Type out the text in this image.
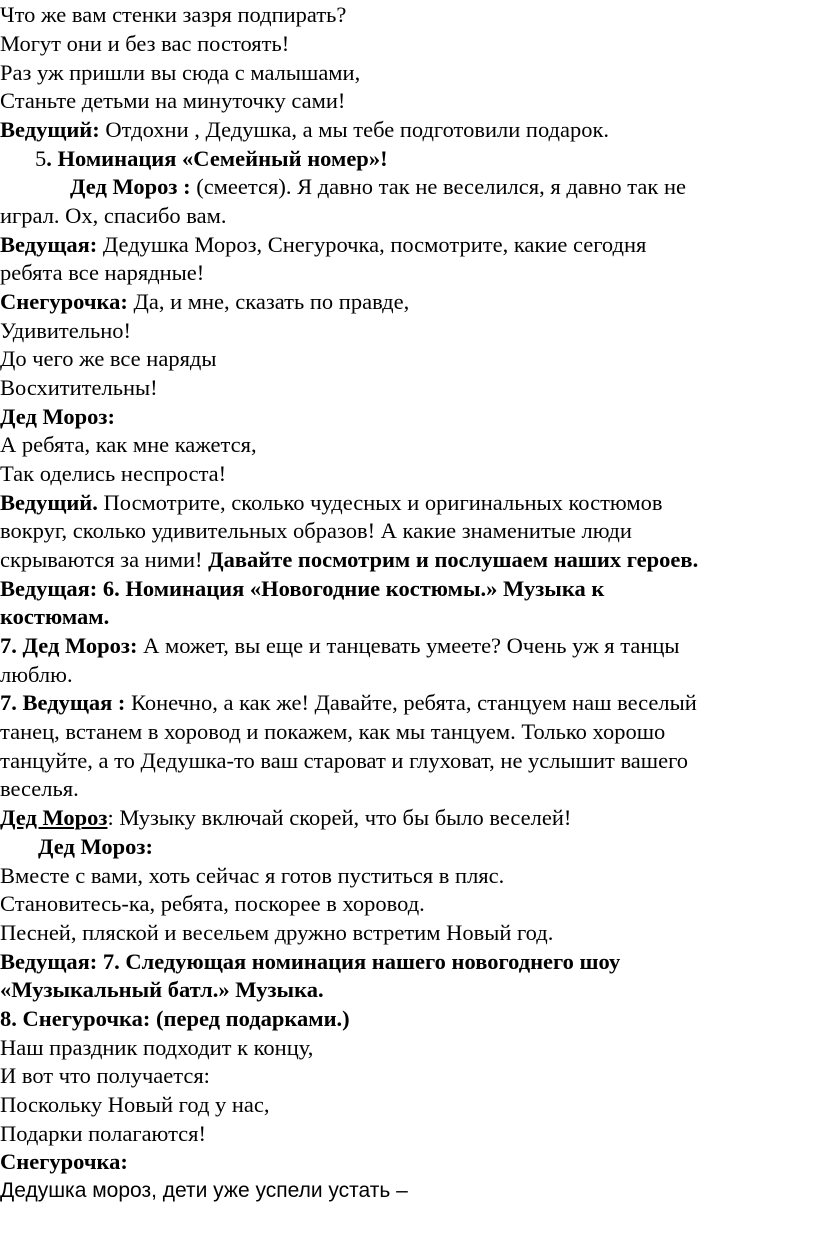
Что же вам стенки зазря подпирать?
Могут они и без вас постоять!
Раз уж пришли вы сюда с малышами,
Станьте детьми на минуточку сами!
Ведущий: Отдохни , Дедушка, а мы тебе подготовили подарок.
5. Номинация «Семейный номер»!
Дед Мороз : (смеется). Я давно так не веселился, я давно так не
играл. Ох, спасибо вам.
Ведущая: Дедушка Мороз, Снегурочка, посмотрите, какие сегодня
ребята все нарядные!
Снегурочка: Да, и мне, сказать по правде,
Удивительно!
До чего же все наряды
Восхитительны!
Дед Мороз:
А ребята, как мне кажется,
Так оделись неспроста!
Ведущий. Посмотрите, сколько чудесных и оригинальных костюмов
вокруг, сколько удивительных образов! А какие знаменитые люди
скрываются за ними! Давайте посмотрим и послушаем наших героев.
Ведущая: 6. Номинация «Новогодние костюмы.» Музыка к
костюмам.
7. Дед Мороз: А может, вы еще и танцевать умеете? Очень уж я танцы
люблю.
7. Ведущая : Конечно, а как же! Давайте, ребята, станцуем наш веселый
танец, встанем в хоровод и покажем, как мы танцуем. Только хорошо
танцуйте, а то Дедушка-то ваш староват и глуховат, не услышит вашего
веселья.
Дед Мороз: Музыку включай скорей, что бы было веселей!
Дед Мороз:
Вместе с вами, хоть сейчас я готов пуститься в пляс.
Становитесь-ка, ребята, поскорее в хоровод.
Песней, пляской и весельем дружно встретим Новый год.
Ведущая: 7. Следующая номинация нашего новогоднего шоу
«Музыкальный батл.» Музыка.
8. Снегурочка: (перед подарками.)
Наш праздник подходит к концу,
И вот что получается:
Поскольку Новый год у нас,
Подарки полагаются!
Снегурочка:
Дедушка мороз, дети уже успели устать –
